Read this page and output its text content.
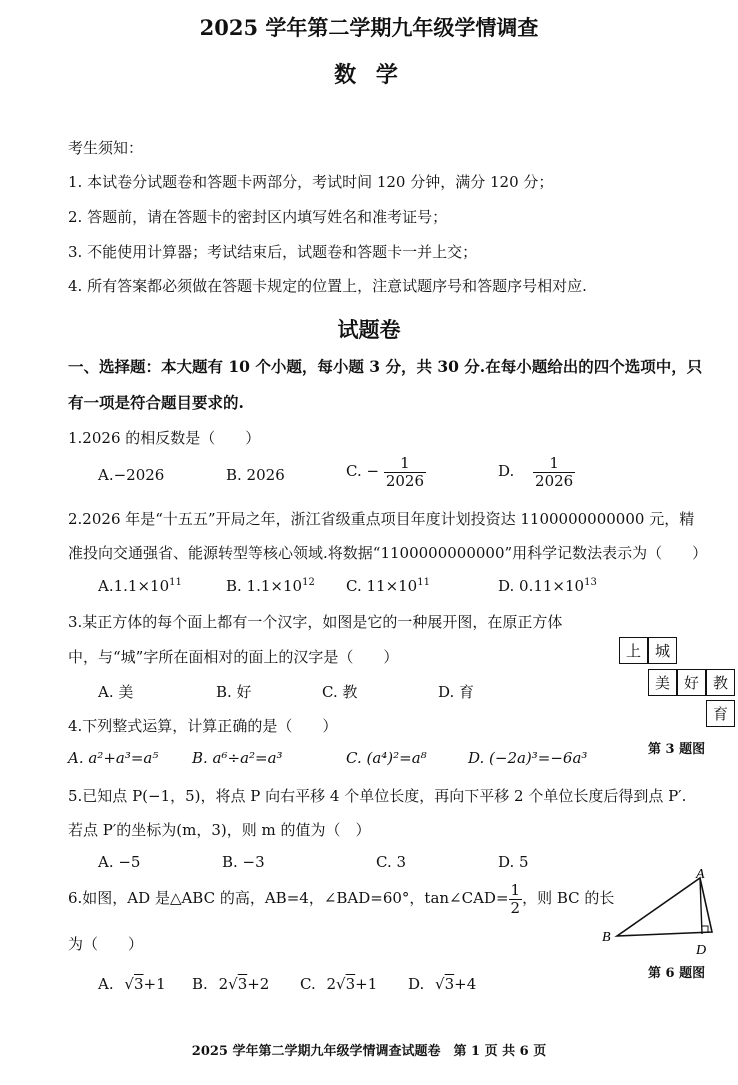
2025 学年第二学期九年级学情调查
数 学
考生须知：
1. 本试卷分试题卷和答题卡两部分，考试时间 120 分钟，满分 120 分；
2. 答题前，请在答题卡的密封区内填写姓名和准考证号；
3. 不能使用计算器；考试结束后，试题卷和答题卡一并上交；
4. 所有答案都必须做在答题卡规定的位置上，注意试题序号和答题序号相对应.
试题卷
一、选择题：本大题有 10 个小题，每小题 3 分，共 30 分.在每小题给出的四个选项中，只
有一项是符合题目要求的.
1.2026 的相反数是（　　）
A.−2026	B. 2026	C. − $\frac{1}{2026}$	D. $\frac{1}{2026}$
2.2026 年是“十五五”开局之年，浙江省级重点项目年度计划投资达 1100000000000 元，精
准投向交通强省、能源转型等核心领域.将数据“1100000000000”用科学记数法表示为（　　）
$A.1.1\times 10^{11}$	B. $1.1\times 10^{12}$ C. $11\times 10^{11}$	D. $0.11\times 10^{13}$
3.某正方体的每个面上都有一个汉字，如图是它的一种展开图，在原正方体
中，与“城”字所在面相对的面上的汉字是（　　）
A. 美	B. 好	C. 教	D. 育
上 城
美 好 教
育
第 3 题图
4.下列整式运算，计算正确的是（　　）
A. a²+a³=a⁵ B. a⁶÷a²=a³	C. (a⁴)²=a⁸	D. (−2a)³=−6a³
5.已知点 P(−1，5)，将点 P 向右平移 4 个单位长度，再向下平移 2 个单位长度后得到点 P′.
若点 P′的坐标为(m，3)，则 m 的值为（　）
A. −5	B. −3	C. 3	D. 5
6.如图，AD 是△ABC 的高，AB=4，∠BAD=60°，tan∠CAD= $\frac{1}{2}$ ，则 BC 的长
为（　　）
A. √3+1 B. 2√3+2 C. 2√3+1 D. √3+4
A
B
D
第 6 题图
2025 学年第二学期九年级学情调查试题卷　第 1 页 共 6 页
